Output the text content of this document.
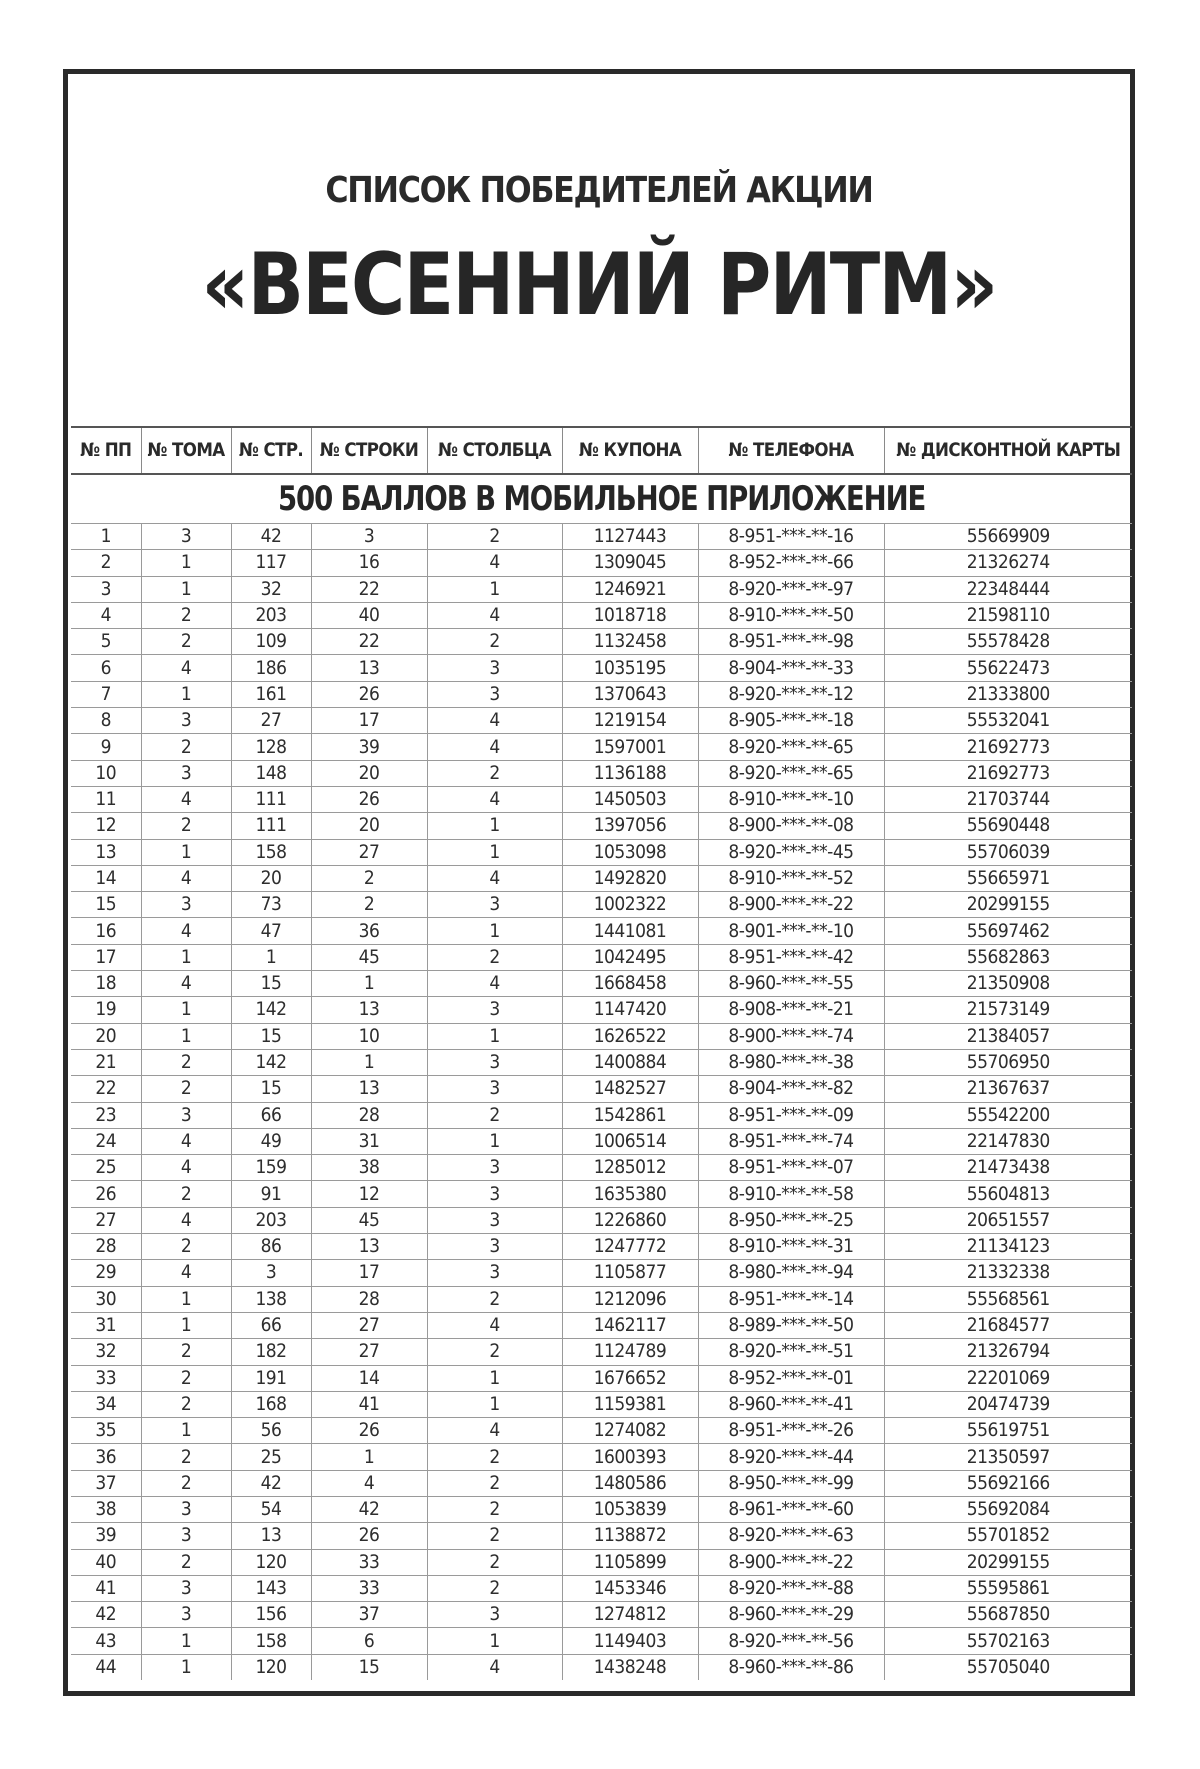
СПИСОК ПОБЕДИТЕЛЕЙ АКЦИИ
«ВЕСЕННИЙ РИТМ»
№ ПП	№ ТОМА	№ СТР.	№ СТРОКИ	№ СТОЛБЦА	№ КУПОНА	№ ТЕЛЕФОНА	№ ДИСКОНТНОЙ КАРТЫ
500 БАЛЛОВ В МОБИЛЬНОЕ ПРИЛОЖЕНИЕ							
1	3	42	3	2	1127443	8-951-***-**-16	55669909
2	1	117	16	4	1309045	8-952-***-**-66	21326274
3	1	32	22	1	1246921	8-920-***-**-97	22348444
4	2	203	40	4	1018718	8-910-***-**-50	21598110
5	2	109	22	2	1132458	8-951-***-**-98	55578428
6	4	186	13	3	1035195	8-904-***-**-33	55622473
7	1	161	26	3	1370643	8-920-***-**-12	21333800
8	3	27	17	4	1219154	8-905-***-**-18	55532041
9	2	128	39	4	1597001	8-920-***-**-65	21692773
10	3	148	20	2	1136188	8-920-***-**-65	21692773
11	4	111	26	4	1450503	8-910-***-**-10	21703744
12	2	111	20	1	1397056	8-900-***-**-08	55690448
13	1	158	27	1	1053098	8-920-***-**-45	55706039
14	4	20	2	4	1492820	8-910-***-**-52	55665971
15	3	73	2	3	1002322	8-900-***-**-22	20299155
16	4	47	36	1	1441081	8-901-***-**-10	55697462
17	1	1	45	2	1042495	8-951-***-**-42	55682863
18	4	15	1	4	1668458	8-960-***-**-55	21350908
19	1	142	13	3	1147420	8-908-***-**-21	21573149
20	1	15	10	1	1626522	8-900-***-**-74	21384057
21	2	142	1	3	1400884	8-980-***-**-38	55706950
22	2	15	13	3	1482527	8-904-***-**-82	21367637
23	3	66	28	2	1542861	8-951-***-**-09	55542200
24	4	49	31	1	1006514	8-951-***-**-74	22147830
25	4	159	38	3	1285012	8-951-***-**-07	21473438
26	2	91	12	3	1635380	8-910-***-**-58	55604813
27	4	203	45	3	1226860	8-950-***-**-25	20651557
28	2	86	13	3	1247772	8-910-***-**-31	21134123
29	4	3	17	3	1105877	8-980-***-**-94	21332338
30	1	138	28	2	1212096	8-951-***-**-14	55568561
31	1	66	27	4	1462117	8-989-***-**-50	21684577
32	2	182	27	2	1124789	8-920-***-**-51	21326794
33	2	191	14	1	1676652	8-952-***-**-01	22201069
34	2	168	41	1	1159381	8-960-***-**-41	20474739
35	1	56	26	4	1274082	8-951-***-**-26	55619751
36	2	25	1	2	1600393	8-920-***-**-44	21350597
37	2	42	4	2	1480586	8-950-***-**-99	55692166
38	3	54	42	2	1053839	8-961-***-**-60	55692084
39	3	13	26	2	1138872	8-920-***-**-63	55701852
40	2	120	33	2	1105899	8-900-***-**-22	20299155
41	3	143	33	2	1453346	8-920-***-**-88	55595861
42	3	156	37	3	1274812	8-960-***-**-29	55687850
43	1	158	6	1	1149403	8-920-***-**-56	55702163
44	1	120	15	4	1438248	8-960-***-**-86	55705040
